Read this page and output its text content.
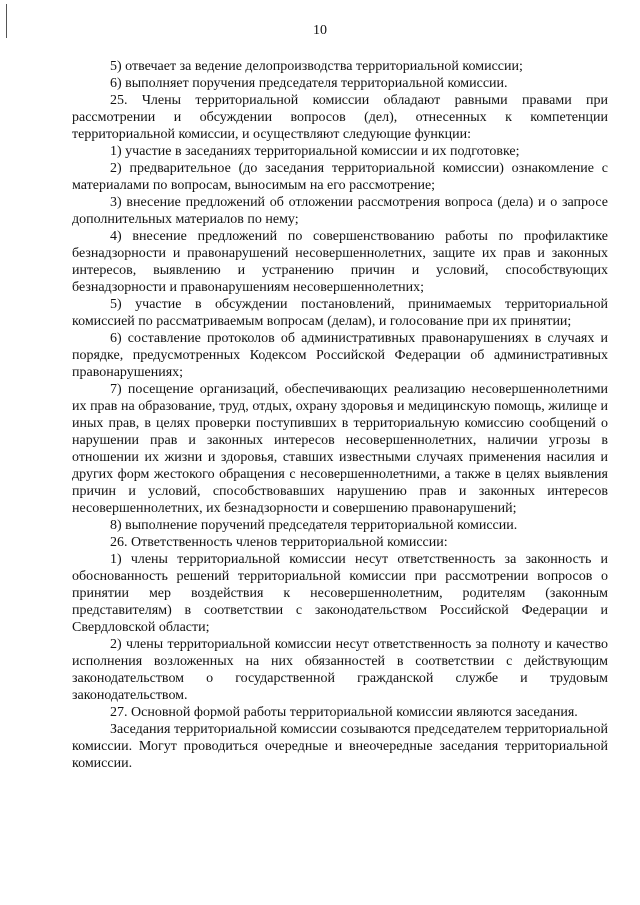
10

5) отвечает за ведение делопроизводства территориальной комиссии;

6) выполняет поручения председателя территориальной комиссии.

25. Члены территориальной комиссии обладают равными правами при рассмотрении и обсуждении вопросов (дел), отнесенных к компетенции территориальной комиссии, и осуществляют следующие функции:

1) участие в заседаниях территориальной комиссии и их подготовке;

2) предварительное (до заседания территориальной комиссии) ознакомление с материалами по вопросам, выносимым на его рассмотрение;

3) внесение предложений об отложении рассмотрения вопроса (дела) и о запросе дополнительных материалов по нему;

4) внесение предложений по совершенствованию работы по профилактике безнадзорности и правонарушений несовершеннолетних, защите их прав и законных интересов, выявлению и устранению причин и условий, способствующих безнадзорности и правонарушениям несовершеннолетних;

5) участие в обсуждении постановлений, принимаемых территориальной комиссией по рассматриваемым вопросам (делам), и голосование при их принятии;

6) составление протоколов об административных правонарушениях в случаях и порядке, предусмотренных Кодексом Российской Федерации об административных правонарушениях;

7) посещение организаций, обеспечивающих реализацию несовершеннолетними их прав на образование, труд, отдых, охрану здоровья и медицинскую помощь, жилище и иных прав, в целях проверки поступивших в территориальную комиссию сообщений о нарушении прав и законных интересов несовершеннолетних, наличии угрозы в отношении их жизни и здоровья, ставших известными случаях применения насилия и других форм жестокого обращения с несовершеннолетними, а также в целях выявления причин и условий, способствовавших нарушению прав и законных интересов несовершеннолетних, их безнадзорности и совершению правонарушений;

8) выполнение поручений председателя территориальной комиссии.

26. Ответственность членов территориальной комиссии:

1) члены территориальной комиссии несут ответственность за законность и обоснованность решений территориальной комиссии при рассмотрении вопросов о принятии мер воздействия к несовершеннолетним, родителям (законным представителям) в соответствии с законодательством Российской Федерации и Свердловской области;

2) члены территориальной комиссии несут ответственность за полноту и качество исполнения возложенных на них обязанностей в соответствии с действующим законодательством о государственной гражданской службе и трудовым законодательством.

27. Основной формой работы территориальной комиссии являются заседания.

Заседания территориальной комиссии созываются председателем территориальной комиссии. Могут проводиться очередные и внеочередные заседания территориальной комиссии.
